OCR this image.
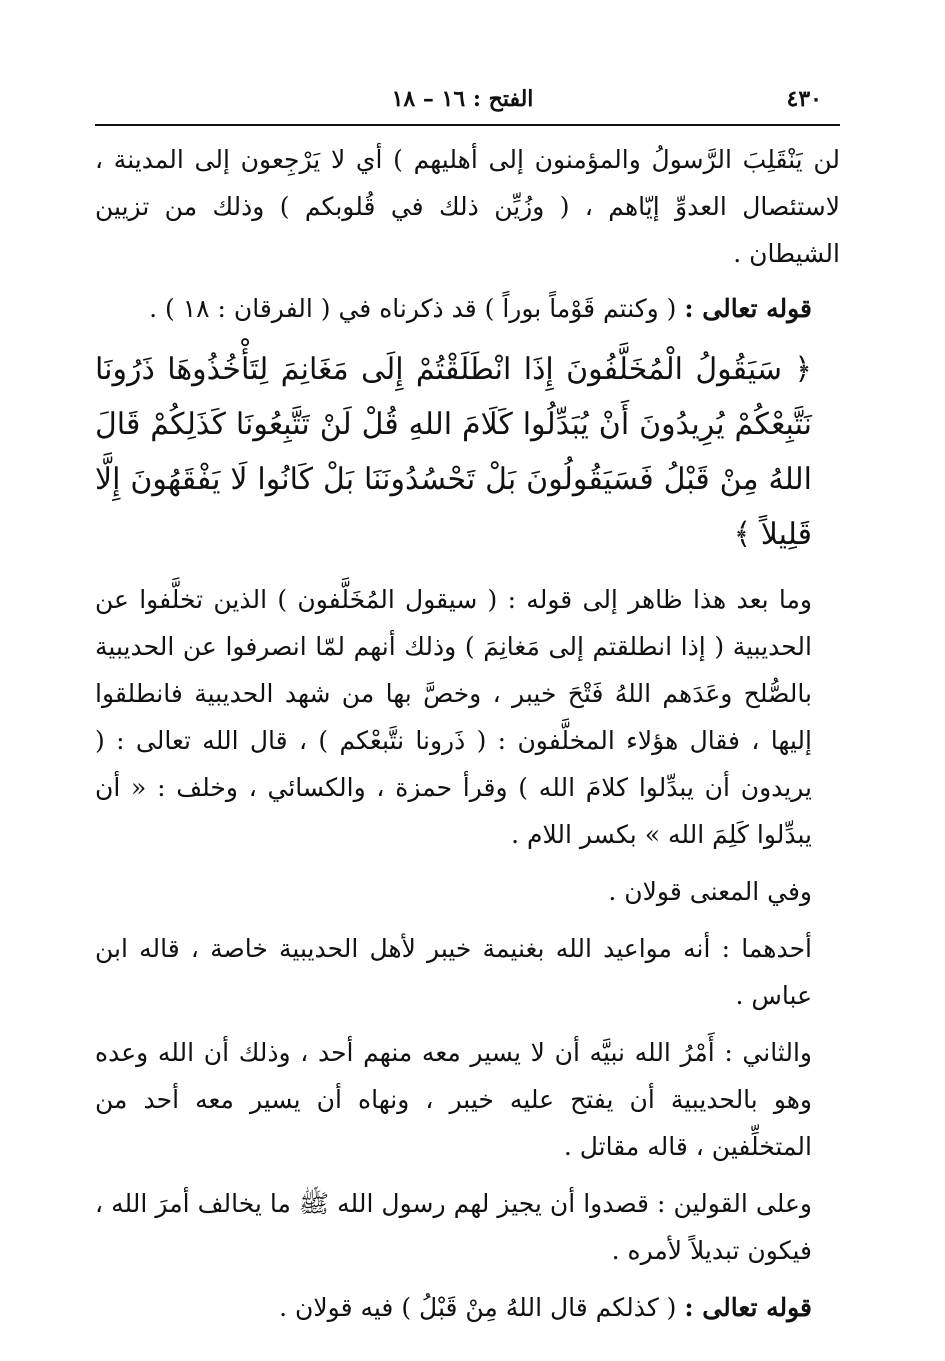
٤٣٠
الفتح : ١٦ – ١٨

لن يَنْقَلِبَ الرَّسولُ والمؤمنون إلى أهليهم ) أي لا يَرْجِعون إلى المدينة ، لاستئصال العدوِّ إيّاهم ، ( وزُيِّن ذلك في قُلوبكم ) وذلك من تزيين الشيطان .

قوله تعالى : ( وكنتم قَوْماً بوراً ) قد ذكرناه في ( الفرقان : ١٨ ) .

﴿ سَيَقُولُ الْمُخَلَّفُونَ إِذَا انْطَلَقْتُمْ إِلَى مَغَانِمَ لِتَأْخُذُوهَا ذَرُونَا نَتَّبِعْكُمْ يُرِيدُونَ أَنْ يُبَدِّلُوا كَلَامَ اللهِ قُلْ لَنْ تَتَّبِعُونَا كَذَلِكُمْ قَالَ اللهُ مِنْ قَبْلُ فَسَيَقُولُونَ بَلْ تَحْسُدُونَنَا بَلْ كَانُوا لَا يَفْقَهُونَ إِلَّا قَلِيلاً ﴾

وما بعد هذا ظاهر إلى قوله : ( سيقول المُخَلَّفون ) الذين تخلَّفوا عن الحديبية ( إذا انطلقتم إلى مَغانِمَ ) وذلك أنهم لمّا انصرفوا عن الحديبية بالصُّلح وعَدَهم اللهُ فَتْحَ خيبر ، وخصَّ بها من شهد الحديبية فانطلقوا إليها ، فقال هؤلاء المخلَّفون : ( ذَرونا نتَّبعْكم ) ، قال الله تعالى : ( يريدون أن يبدِّلوا كلامَ الله ) وقرأ حمزة ، والكسائي ، وخلف : « أن يبدِّلوا كَلِمَ الله » بكسر اللام .

وفي المعنى قولان .

أحدهما : أنه مواعيد الله بغنيمة خيبر لأهل الحديبية خاصة ، قاله ابن عباس .

والثاني : أَمْرُ الله نبيَّه أن لا يسير معه منهم أحد ، وذلك أن الله وعده وهو بالحديبية أن يفتح عليه خيبر ، ونهاه أن يسير معه أحد من المتخلِّفين ، قاله مقاتل .

وعلى القولين : قصدوا أن يجيز لهم رسول الله ﷺ ما يخالف أمرَ الله ، فيكون تبديلاً لأمره .

قوله تعالى : ( كذلكم قال اللهُ مِنْ قَبْلُ ) فيه قولان .
